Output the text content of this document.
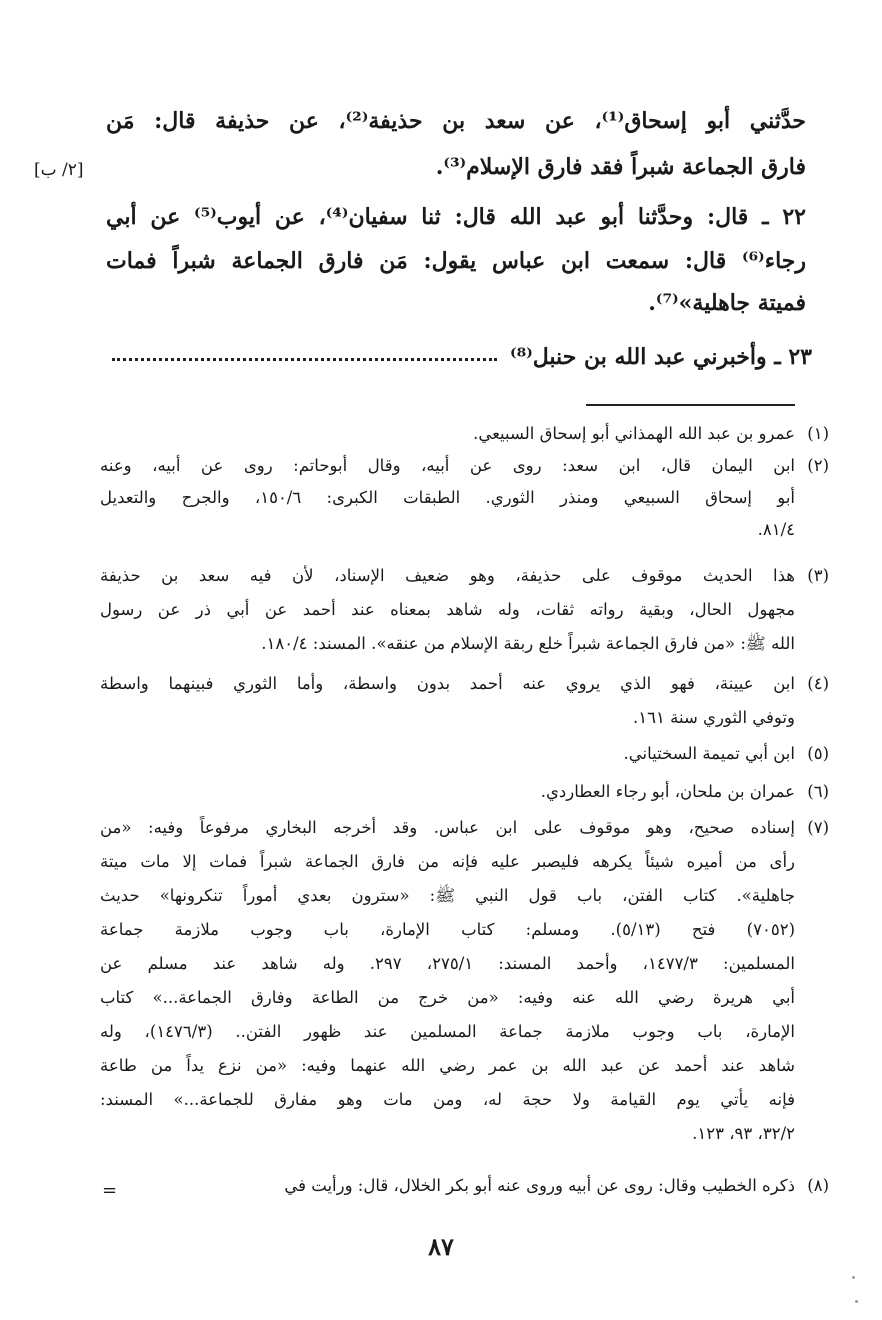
[٢/ ب]
حدَّثني أبو إسحاق⁽¹⁾، عن سعد بن حذيفة⁽²⁾، عن حذيفة قال: مَن
فارق الجماعة شبراً فقد فارق الإسلام⁽³⁾.
٢٢ ـ قال: وحدَّثنا أبو عبد الله قال: ثنا سفيان⁽⁴⁾، عن أيوب⁽⁵⁾ عن أبي
رجاء⁽⁶⁾ قال: سمعت ابن عباس يقول: مَن فارق الجماعة شبراً فمات
فميتة جاهلية»⁽⁷⁾.
٢٣ ـ وأخبرني عبد الله بن حنبل⁽⁸⁾
(١)
عمرو بن عبد الله الهمذاني أبو إسحاق السبيعي.
(٢)
ابن اليمان قال، ابن سعد: روى عن أبيه، وقال أبوحاتم: روى عن أبيه، وعنه
أبو إسحاق السبيعي ومنذر الثوري. الطبقات الكبرى: ١٥٠/٦، والجرح والتعديل
٨١/٤.
(٣)
هذا الحديث موقوف على حذيفة، وهو ضعيف الإسناد، لأن فيه سعد بن حذيفة
مجهول الحال، وبقية رواته ثقات، وله شاهد بمعناه عند أحمد عن أبي ذر عن رسول
الله ﷺ: «من فارق الجماعة شبراً خلع ربقة الإسلام من عنقه». المسند: ١٨٠/٤.
(٤)
ابن عيينة، فهو الذي يروي عنه أحمد بدون واسطة، وأما الثوري فبينهما واسطة
وتوفي الثوري سنة ١٦١.
(٥)
ابن أبي تميمة السختياني.
(٦)
عمران بن ملحان، أبو رجاء العطاردي.
(٧)
إسناده صحيح، وهو موقوف على ابن عباس. وقد أخرجه البخاري مرفوعاً وفيه: «من
رأى من أميره شيئاً يكرهه فليصبر عليه فإنه من فارق الجماعة شبراً فمات إلا مات ميتة
جاهلية». كتاب الفتن، باب قول النبي ﷺ: «سترون بعدي أموراً تنكرونها» حديث
(٧٠٥٢) فتح (٥/١٣). ومسلم: كتاب الإمارة، باب وجوب ملازمة جماعة
المسلمين: ١٤٧٧/٣، وأحمد المسند: ٢٧٥/١، ٢٩٧. وله شاهد عند مسلم عن
أبي هريرة رضي الله عنه وفيه: «من خرج من الطاعة وفارق الجماعة...» كتاب
الإمارة، باب وجوب ملازمة جماعة المسلمين عند ظهور الفتن.. (١٤٧٦/٣)، وله
شاهد عند أحمد عن عبد الله بن عمر رضي الله عنهما وفيه: «من نزع يداً من طاعة
فإنه يأتي يوم القيامة ولا حجة له، ومن مات وهو مفارق للجماعة...» المسند:
٣٢/٢، ٩٣، ١٢٣.
(٨)
ذكره الخطيب وقال: روى عن أبيه وروى عنه أبو بكر الخلال، قال: ورأيت في
=
٨٧
